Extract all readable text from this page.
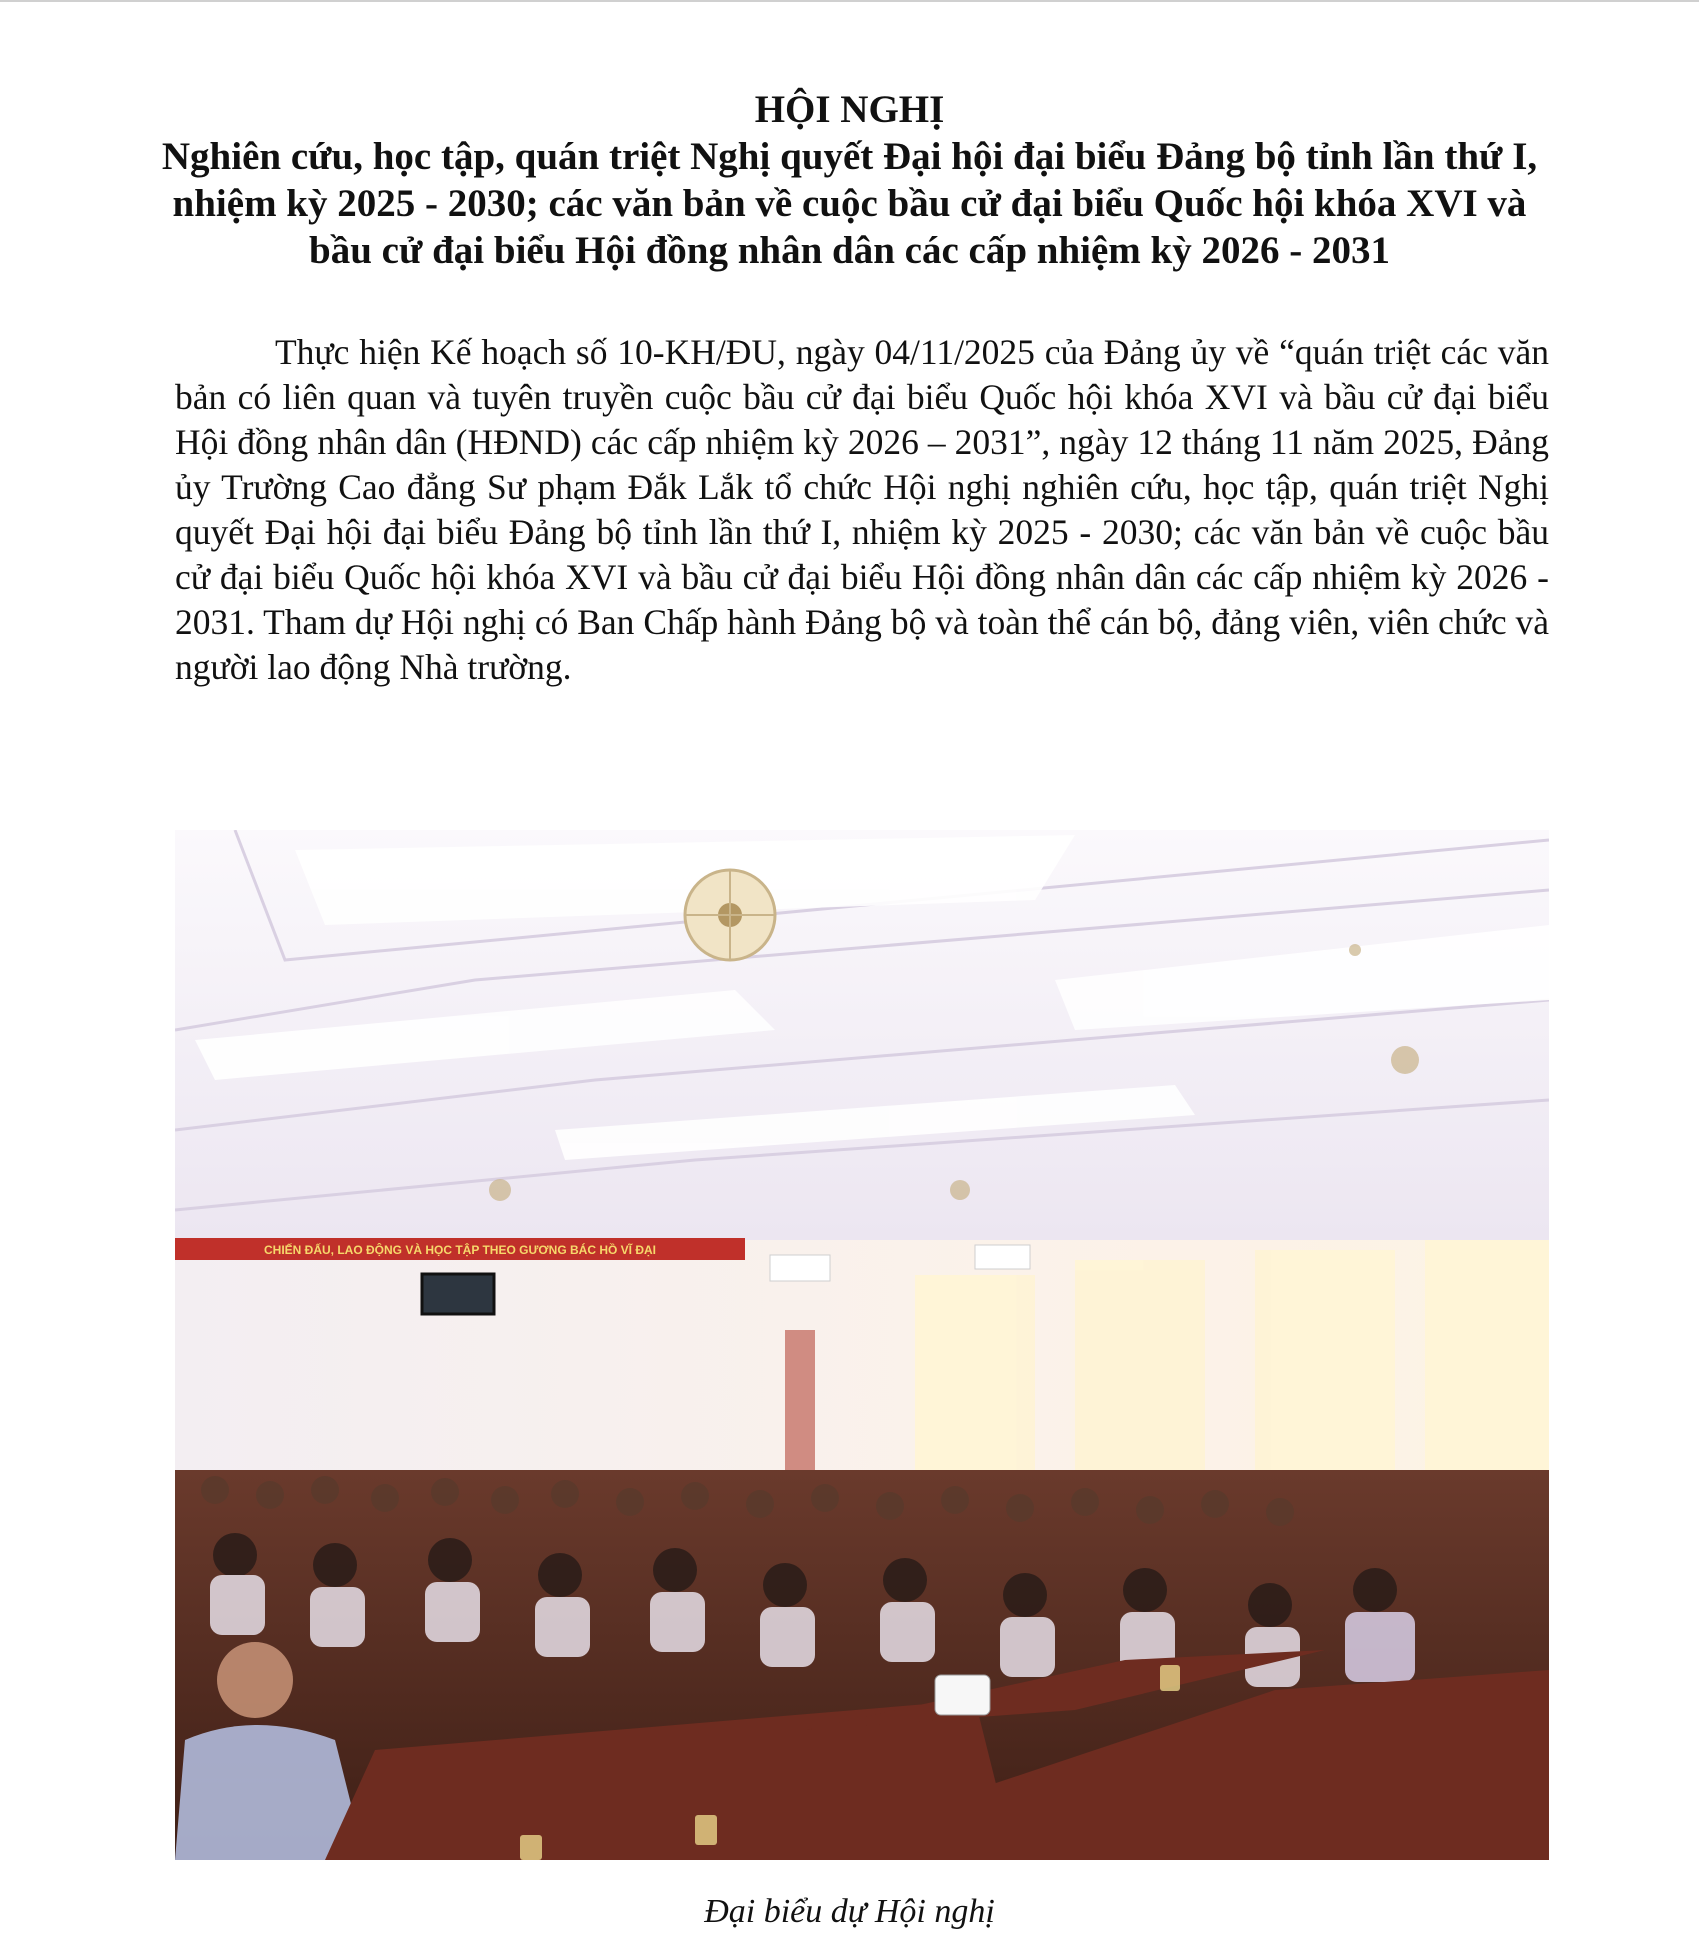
HỘI NGHỊ
Nghiên cứu, học tập, quán triệt Nghị quyết Đại hội đại biểu Đảng bộ tỉnh lần thứ I,
nhiệm kỳ 2025 - 2030; các văn bản về cuộc bầu cử đại biểu Quốc hội khóa XVI và
bầu cử đại biểu Hội đồng nhân dân các cấp nhiệm kỳ 2026 - 2031

Thực hiện Kế hoạch số 10-KH/ĐU, ngày 04/11/2025 của Đảng ủy về “quán triệt các văn bản có liên quan và tuyên truyền cuộc bầu cử đại biểu Quốc hội khóa XVI và bầu cử đại biểu Hội đồng nhân dân (HĐND) các cấp nhiệm kỳ 2026 – 2031”, ngày 12 tháng 11 năm 2025, Đảng ủy Trường Cao đẳng Sư phạm Đắk Lắk tổ chức Hội nghị nghiên cứu, học tập, quán triệt Nghị quyết Đại hội đại biểu Đảng bộ tỉnh lần thứ I, nhiệm kỳ 2025 - 2030; các văn bản về cuộc bầu cử đại biểu Quốc hội khóa XVI và bầu cử đại biểu Hội đồng nhân dân các cấp nhiệm kỳ 2026 - 2031. Tham dự Hội nghị có Ban Chấp hành Đảng bộ và toàn thể cán bộ, đảng viên, viên chức và người lao động Nhà trường.

CHIẾN ĐẤU, LAO ĐỘNG VÀ HỌC TẬP THEO GƯƠNG BÁC HỒ VĨ ĐẠI
Đại biểu dự Hội nghị
